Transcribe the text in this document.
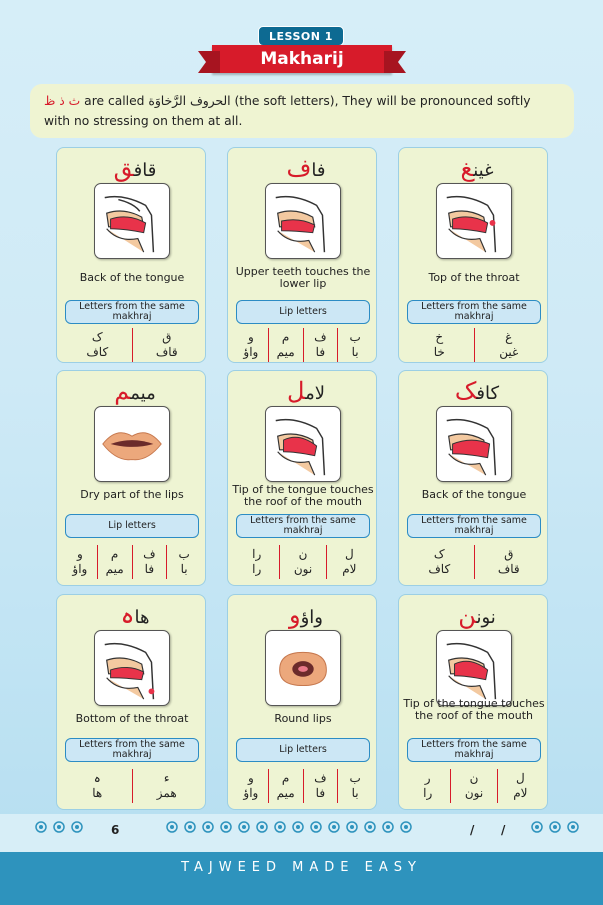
LESSON 1
Makharij
ث ذ ظ are called الحروف الرَّخاوَة (the soft letters), They will be pronounced softly
with no stressing on them at all.
قافق
Back of the tongue
Letters from the same makhraj
ق
قاف
ک
کاف
فاف
Upper teeth touches the lower lip
Lip letters
ب
با
ف
فا
م
میم
و
واؤ
غینغ
Top of the throat
Letters from the same makhraj
غ
غین
خ
خا
میمم
Dry part of the lips
Lip letters
ب
با
ف
فا
م
میم
و
واؤ
لامل
Tip of the tongue touches the roof of the mouth
Letters from the same makhraj
ل
لام
ن
نون
را
را
کافک
Back of the tongue
Letters from the same makhraj
ق
قاف
ک
کاف
ھاہ
Bottom of the throat
Letters from the same makhraj
ء
همز
ہ
ھا
واؤو
Round lips
Lip letters
ب
با
ف
فا
م
میم
و
واؤ
نونن
Tip of the tongue touches the roof of the mouth
Letters from the same makhraj
ل
لام
ن
نون
ر
را
6	/ /
TAJWEED MADE EASY
